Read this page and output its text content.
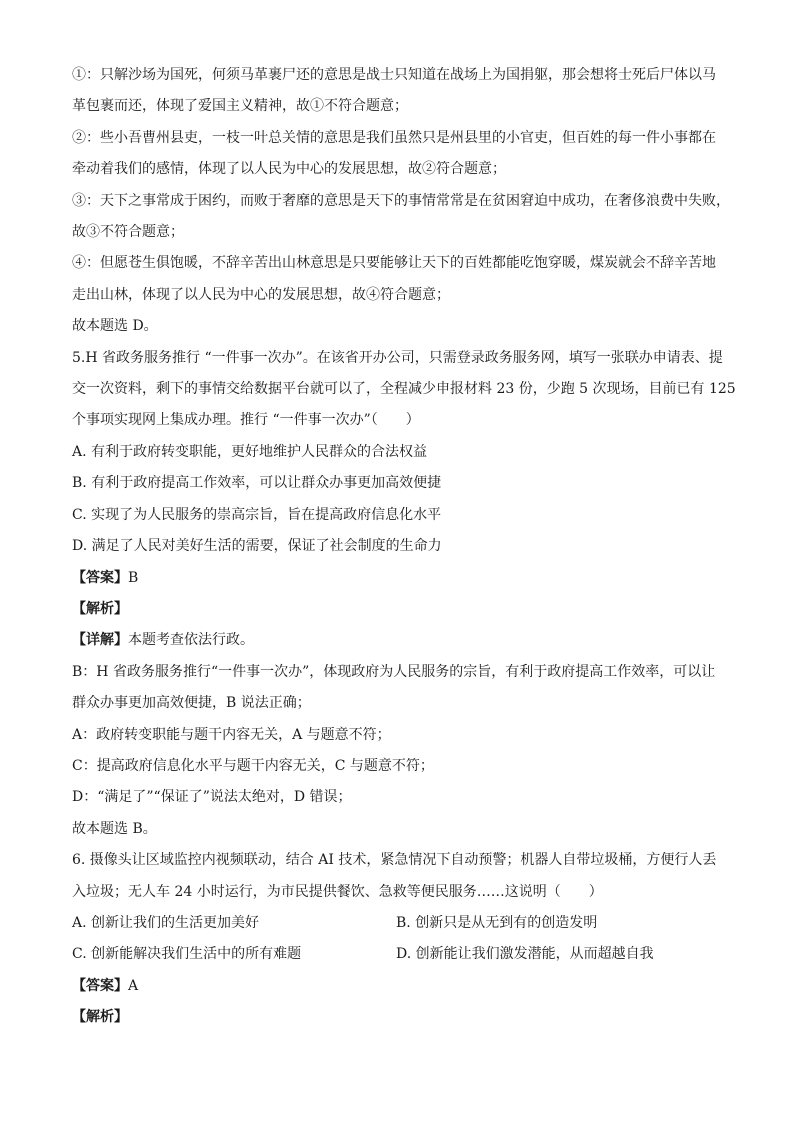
①：只解沙场为国死，何须马革裹尸还的意思是战士只知道在战场上为国捐躯，那会想将士死后尸体以马

革包裹而还，体现了爱国主义精神，故①不符合题意；

②：些小吾曹州县吏，一枝一叶总关情的意思是我们虽然只是州县里的小官吏，但百姓的每一件小事都在

牵动着我们的感情，体现了以人民为中心的发展思想，故②符合题意；

③：天下之事常成于困约，而败于奢靡的意思是天下的事情常常是在贫困窘迫中成功，在奢侈浪费中失败，

故③不符合题意；

④：但愿苍生俱饱暖，不辞辛苦出山林意思是只要能够让天下的百姓都能吃饱穿暖，煤炭就会不辞辛苦地

走出山林，体现了以人民为中心的发展思想，故④符合题意；

故本题选 D。

5.H 省政务服务推行 “一件事一次办”。在该省开办公司，只需登录政务服务网，填写一张联办申请表、提

交一次资料，剩下的事情交给数据平台就可以了，全程减少申报材料 23 份，少跑 5 次现场，目前已有 125

个事项实现网上集成办理。推行 “一件事一次办”（　　）

A. 有利于政府转变职能，更好地维护人民群众的合法权益

B. 有利于政府提高工作效率，可以让群众办事更加高效便捷

C. 实现了为人民服务的崇高宗旨，旨在提高政府信息化水平

D. 满足了人民对美好生活的需要，保证了社会制度的生命力

【答案】B

【解析】

【详解】本题考查依法行政。

B：H 省政务服务推行“一件事一次办”，体现政府为人民服务的宗旨，有利于政府提高工作效率，可以让

群众办事更加高效便捷，B 说法正确；

A：政府转变职能与题干内容无关，A 与题意不符；

C：提高政府信息化水平与题干内容无关，C 与题意不符；

D：“满足了”“保证了”说法太绝对，D 错误；

故本题选 B。

6. 摄像头让区域监控内视频联动，结合 AI 技术，紧急情况下自动预警；机器人自带垃圾桶，方便行人丢

入垃圾；无人车 24 小时运行，为市民提供餐饮、急救等便民服务……这说明（　　）

A. 创新让我们的生活更加美好	B. 创新只是从无到有的创造发明
C. 创新能解决我们生活中的所有难题	D. 创新能让我们激发潜能，从而超越自我

【答案】A

【解析】
